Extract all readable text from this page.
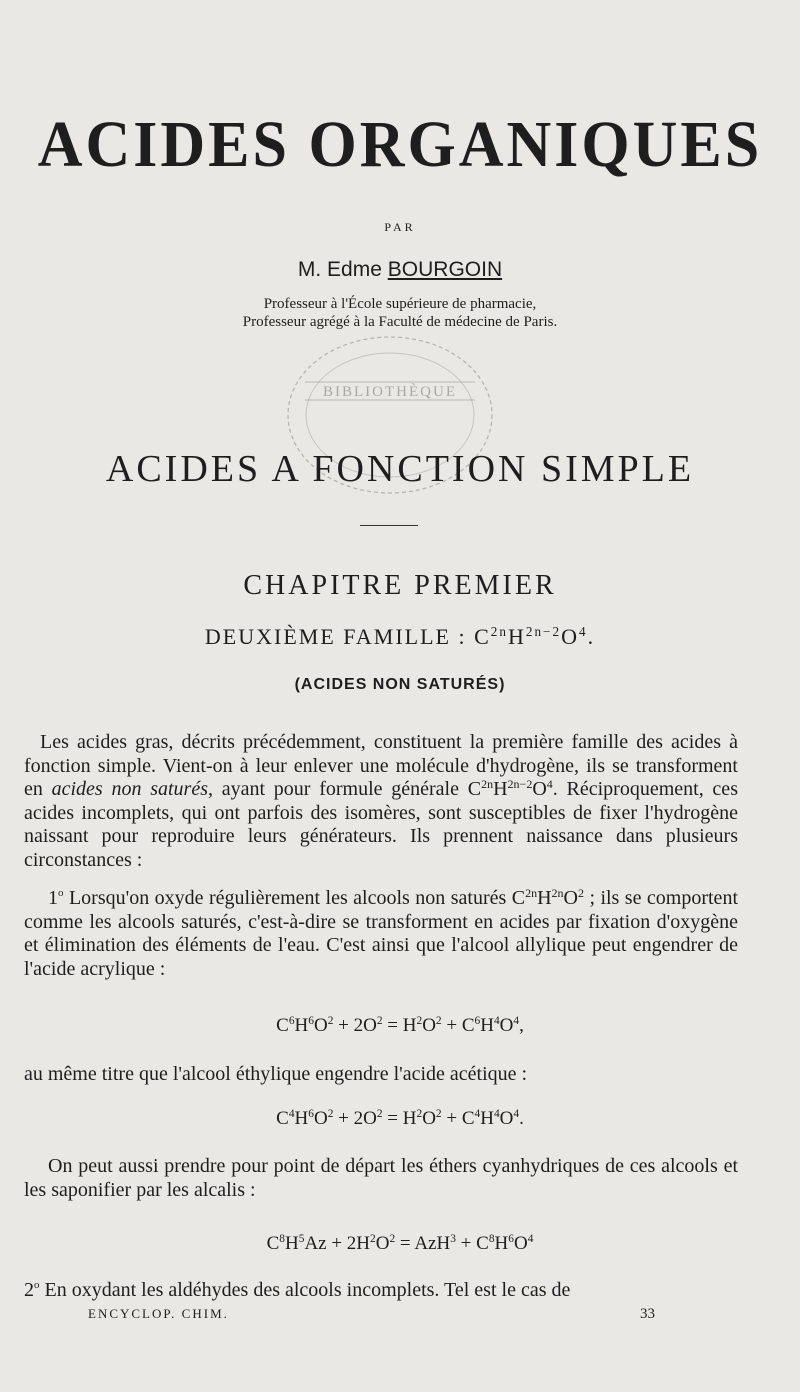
ACIDES ORGANIQUES
PAR
M. Edme BOURGOIN
Professeur à l'École supérieure de pharmacie,
Professeur agrégé à la Faculté de médecine de Paris.
BIBLIOTHÈQUE
ACIDES A FONCTION SIMPLE
CHAPITRE PREMIER
DEUXIÈME FAMILLE : $C^{2n}H^{2n-2}O^4$.
(ACIDES NON SATURÉS)
Les acides gras, décrits précédemment, constituent la première famille des acides à fonction simple. Vient-on à leur enlever une molécule d'hydrogène, ils se transforment en acides non saturés, ayant pour formule générale $C^{2n}H^{2n-2}O^4$. Réciproquement, ces acides incomplets, qui ont parfois des isomères, sont susceptibles de fixer l'hydrogène naissant pour reproduire leurs générateurs. Ils prennent naissance dans plusieurs circonstances :
1$^o$ Lorsqu'on oxyde régulièrement les alcools non saturés $C^{2n}H^{2n}O^2$ ; ils se comportent comme les alcools saturés, c'est-à-dire se transforment en acides par fixation d'oxygène et élimination des éléments de l'eau. C'est ainsi que l'alcool allylique peut engendrer de l'acide acrylique :
$C^6H^6O^2 + 2O^2 = H^2O^2 + C^6H^4O^4$,
au même titre que l'alcool éthylique engendre l'acide acétique :
$C^4H^6O^2 + 2O^2 = H^2O^2 + C^4H^4O^4$.
On peut aussi prendre pour point de départ les éthers cyanhydriques de ces alcools et les saponifier par les alcalis :
$C^8H^5Az + 2H^2O^2 = AzH^3 + C^8H^6O^4$
2$^o$ En oxydant les aldéhydes des alcools incomplets. Tel est le cas de
ENCYCLOP. CHIM.	33
